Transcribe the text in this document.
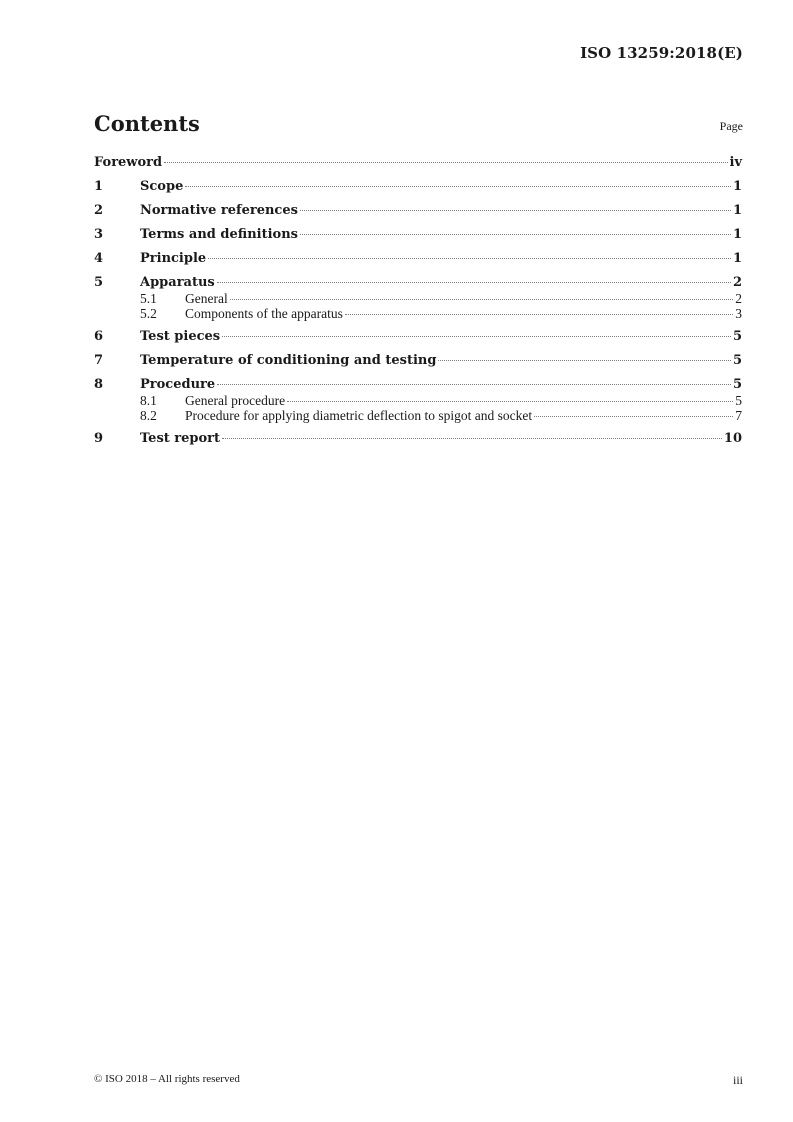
ISO 13259:2018(E)
Contents	Page
Foreword	iv
1	Scope	1
2	Normative references	1
3	Terms and definitions	1
4	Principle	1
5	Apparatus	2
5.1	General	2
5.2	Components of the apparatus	3
6	Test pieces	5
7	Temperature of conditioning and testing	5
8	Procedure	5
8.1	General procedure	5
8.2	Procedure for applying diametric deflection to spigot and socket	7
9	Test report	10
© ISO 2018 – All rights reserved	iii
